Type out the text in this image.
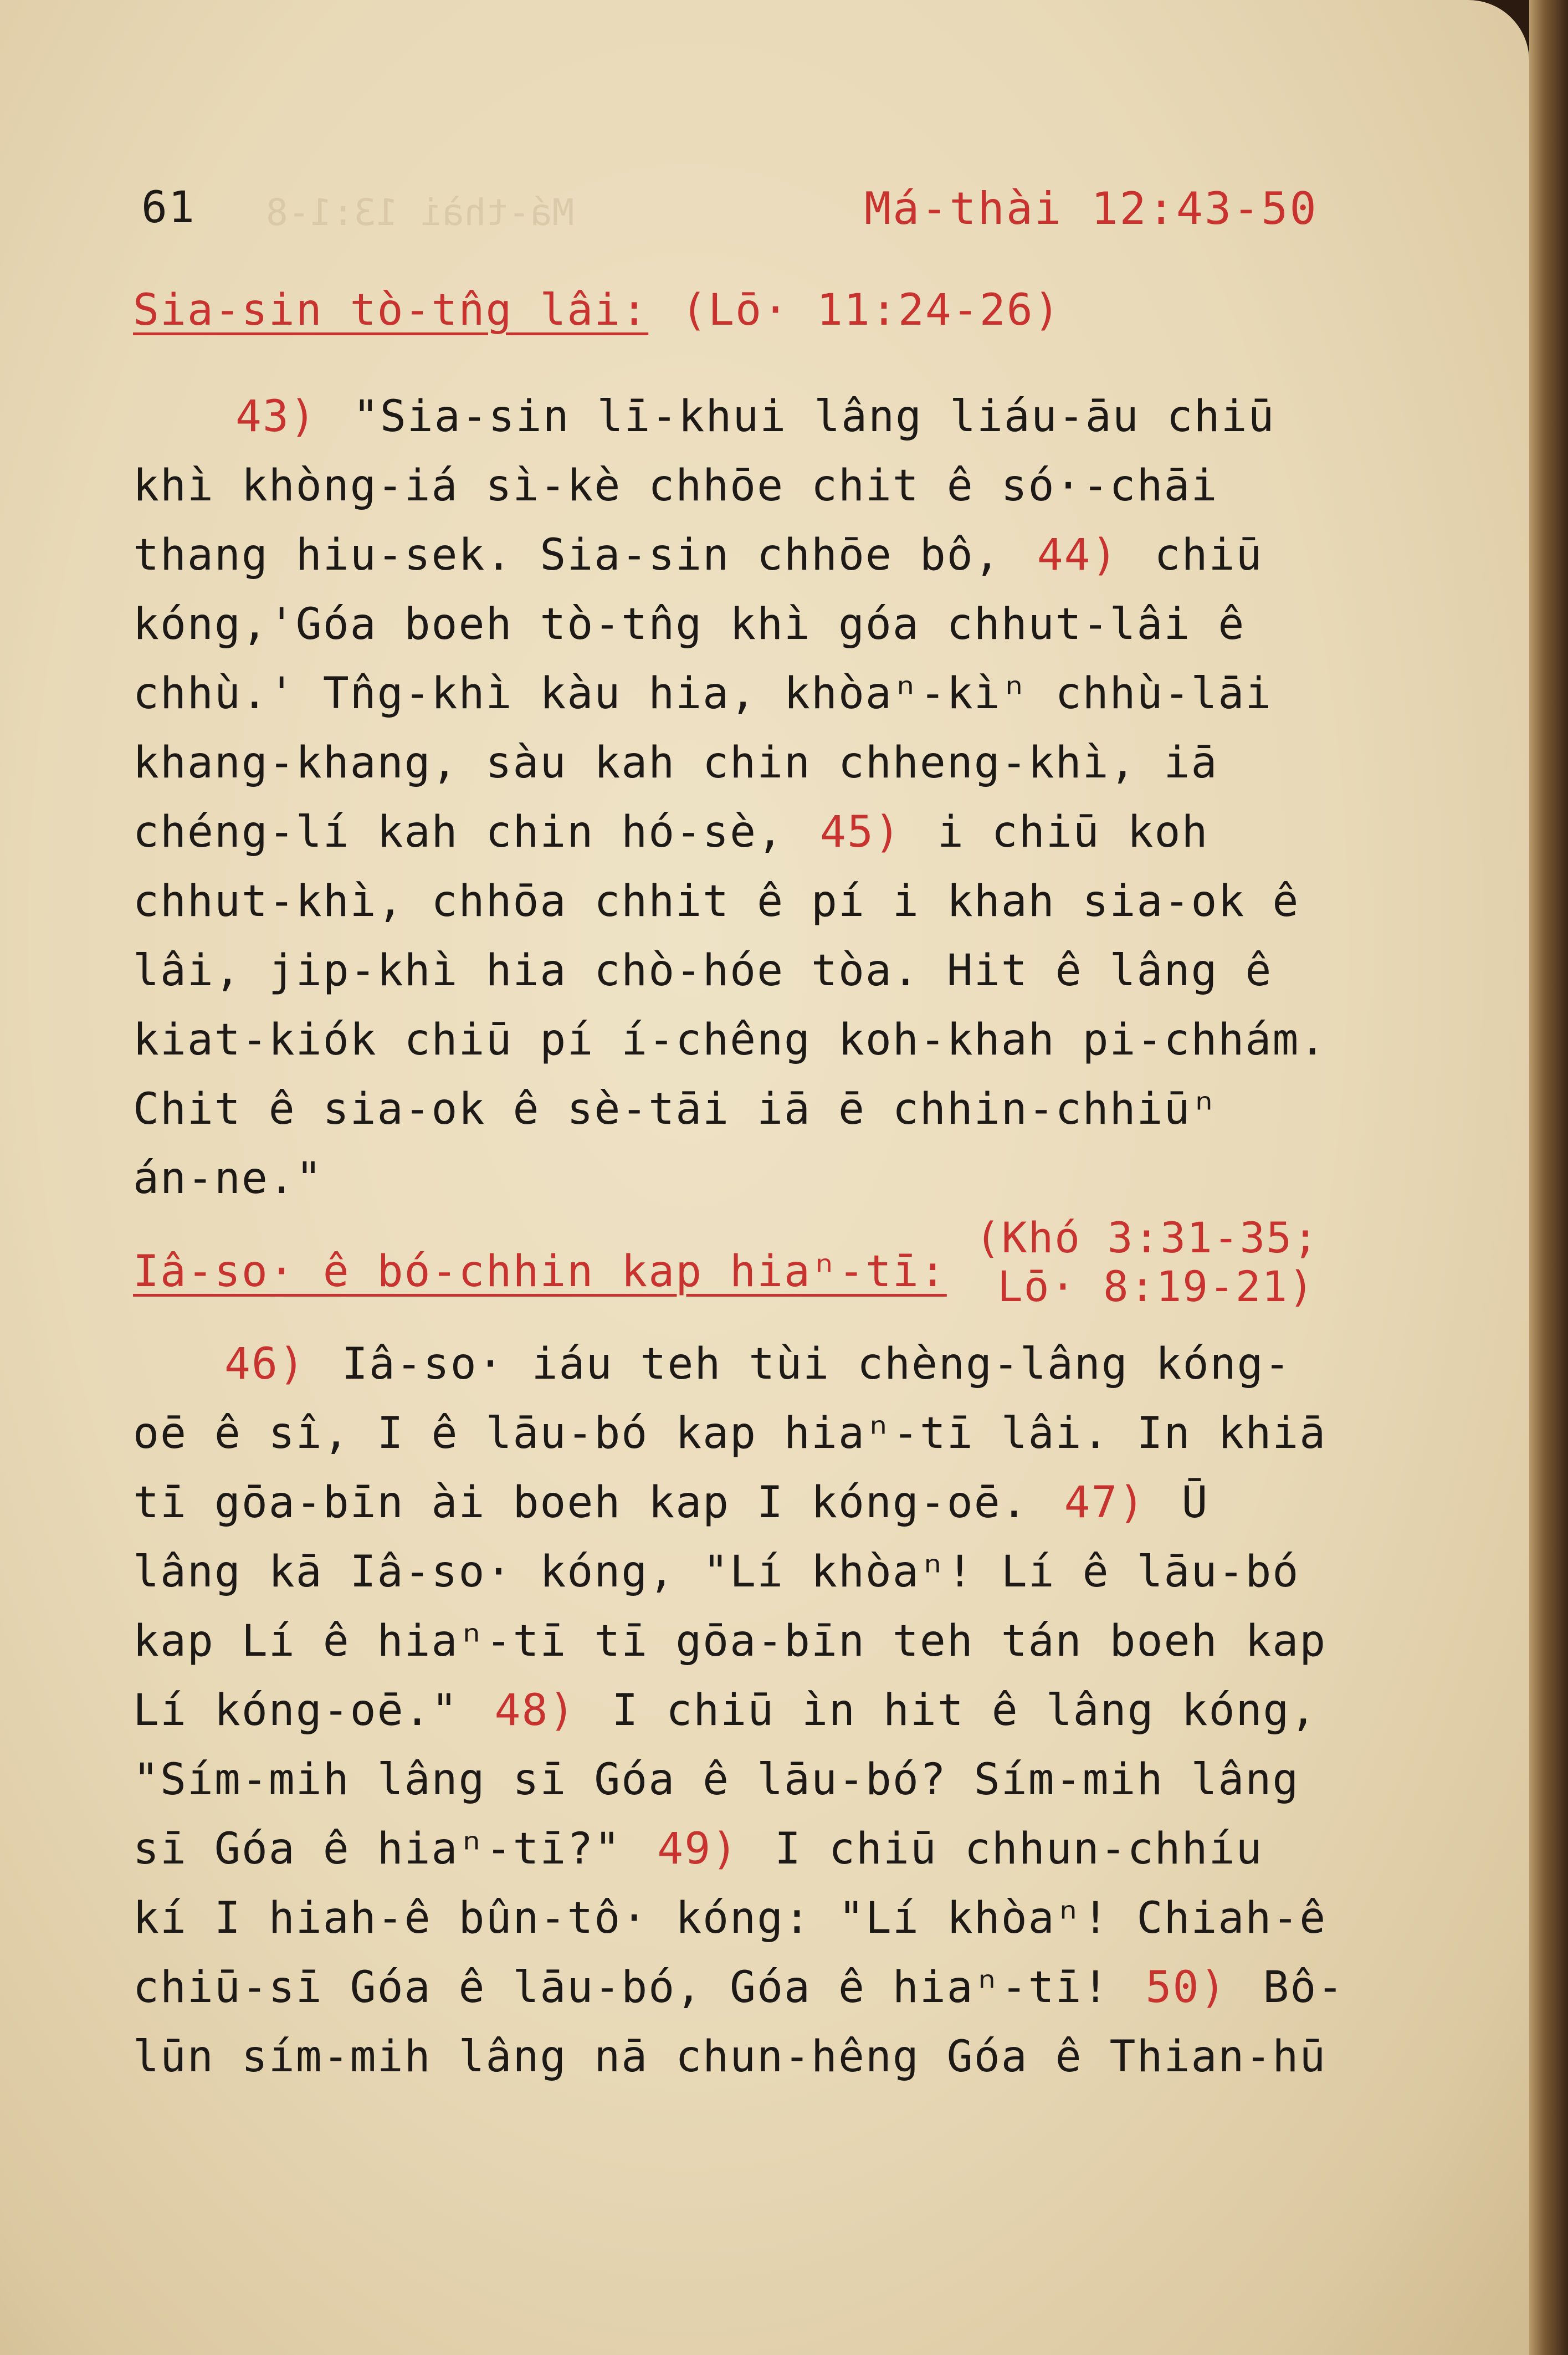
Má-thài 13:1-8
61	Má-thài 12:43-50
Sia-sin tò-tn̂g lâi: (Lō· 11:24-26)
43) "Sia-sin lī-khui lâng liáu-āu chiū
khì khòng-iá sì-kè chhōe chit ê só·-chāi
thang hiu-sek. Sia-sin chhōe bô, 44) chiū
kóng,'Góa boeh tò-tn̂g khì góa chhut-lâi ê
chhù.' Tn̂g-khì kàu hia, khòaⁿ-kìⁿ chhù-lāi
khang-khang, sàu kah chin chheng-khì, iā
chéng-lí kah chin hó-sè, 45) i chiū koh
chhut-khì, chhōa chhit ê pí i khah sia-ok ê
lâi, jip-khì hia chò-hóe tòa. Hit ê lâng ê
kiat-kiók chiū pí í-chêng koh-khah pi-chhám.
Chit ê sia-ok ê sè-tāi iā ē chhin-chhiūⁿ
án-ne."
Iâ-so· ê bó-chhin kap hiaⁿ-tī:
(Khó 3:31-35;
Lō· 8:19-21)
46) Iâ-so· iáu teh tùi chèng-lâng kóng-
oē ê sî, I ê lāu-bó kap hiaⁿ-tī lâi. In khiā
tī gōa-bīn ài boeh kap I kóng-oē. 47) Ū
lâng kā Iâ-so· kóng, "Lí khòaⁿ! Lí ê lāu-bó
kap Lí ê hiaⁿ-tī tī gōa-bīn teh tán boeh kap
Lí kóng-oē." 48) I chiū ìn hit ê lâng kóng,
"Sím-mih lâng sī Góa ê lāu-bó? Sím-mih lâng
sī Góa ê hiaⁿ-tī?" 49) I chiū chhun-chhíu
kí I hiah-ê bûn-tô· kóng: "Lí khòaⁿ! Chiah-ê
chiū-sī Góa ê lāu-bó, Góa ê hiaⁿ-tī! 50) Bô-
lūn sím-mih lâng nā chun-hêng Góa ê Thian-hū
